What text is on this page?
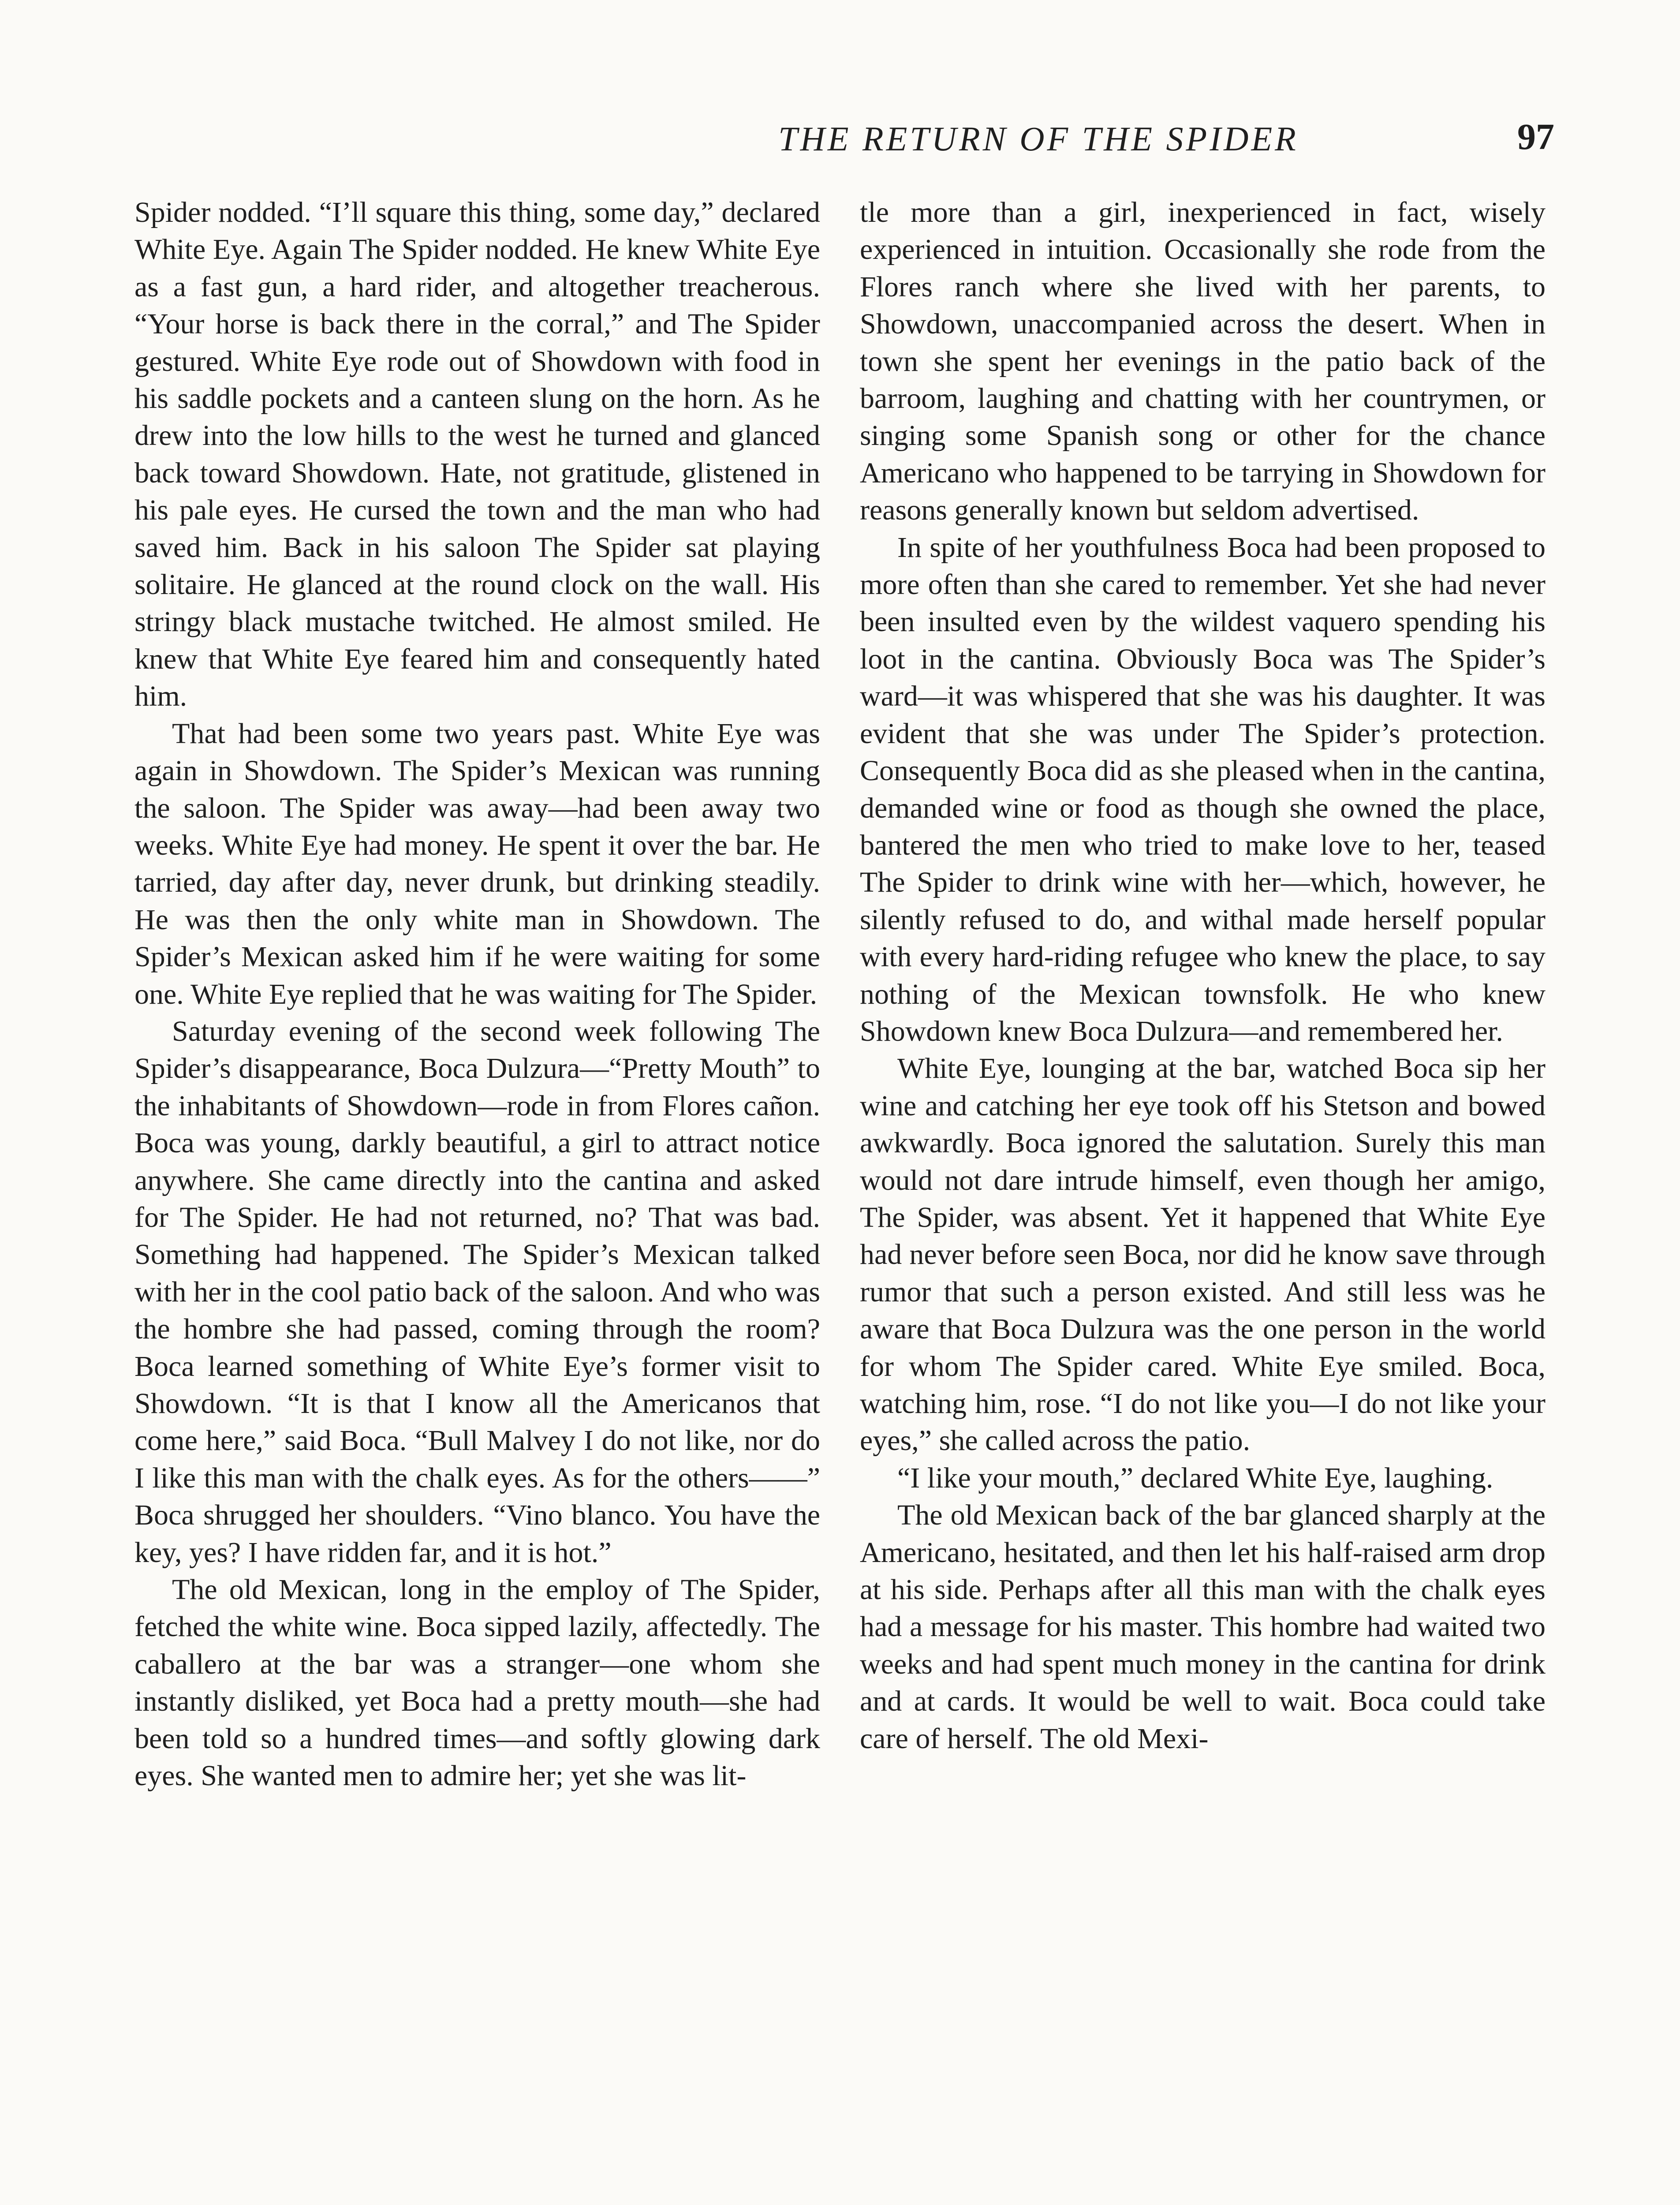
THE RETURN OF THE SPIDER	97

Spider nodded. “I’ll square this thing, some day,” declared White Eye. Again The Spider nodded. He knew White Eye as a fast gun, a hard rider, and altogether treacherous. “Your horse is back there in the corral,” and The Spider gestured. White Eye rode out of Showdown with food in his saddle pockets and a canteen slung on the horn. As he drew into the low hills to the west he turned and glanced back toward Showdown. Hate, not gratitude, glistened in his pale eyes. He cursed the town and the man who had saved him. Back in his saloon The Spider sat playing solitaire. He glanced at the round clock on the wall. His stringy black mustache twitched. He almost smiled. He knew that White Eye feared him and consequently hated him.

That had been some two years past. White Eye was again in Showdown. The Spider’s Mexican was running the saloon. The Spider was away—had been away two weeks. White Eye had money. He spent it over the bar. He tarried, day after day, never drunk, but drinking steadily. He was then the only white man in Showdown. The Spider’s Mexican asked him if he were waiting for some one. White Eye replied that he was waiting for The Spider.

Saturday evening of the second week following The Spider’s disappearance, Boca Dulzura—“Pretty Mouth” to the inhabitants of Showdown—rode in from Flores cañon. Boca was young, darkly beautiful, a girl to attract notice anywhere. She came directly into the cantina and asked for The Spider. He had not returned, no? That was bad. Something had happened. The Spider’s Mexican talked with her in the cool patio back of the saloon. And who was the hombre she had passed, coming through the room? Boca learned something of White Eye’s former visit to Showdown. “It is that I know all the Americanos that come here,” said Boca. “Bull Malvey I do not like, nor do I like this man with the chalk eyes. As for the others——” Boca shrugged her shoulders. “Vino blanco. You have the key, yes? I have ridden far, and it is hot.”

The old Mexican, long in the employ of The Spider, fetched the white wine. Boca sipped lazily, affectedly. The caballero at the bar was a stranger—one whom she instantly disliked, yet Boca had a pretty mouth—she had been told so a hundred times—and softly glowing dark eyes. She wanted men to admire her; yet she was lit-

tle more than a girl, inexperienced in fact, wisely experienced in intuition. Occasionally she rode from the Flores ranch where she lived with her parents, to Showdown, unaccompanied across the desert. When in town she spent her evenings in the patio back of the barroom, laughing and chatting with her countrymen, or singing some Spanish song or other for the chance Americano who happened to be tarrying in Showdown for reasons generally known but seldom advertised.

In spite of her youthfulness Boca had been proposed to more often than she cared to remember. Yet she had never been insulted even by the wildest vaquero spending his loot in the cantina. Obviously Boca was The Spider’s ward—it was whispered that she was his daughter. It was evident that she was under The Spider’s protection. Consequently Boca did as she pleased when in the cantina, demanded wine or food as though she owned the place, bantered the men who tried to make love to her, teased The Spider to drink wine with her—which, however, he silently refused to do, and withal made herself popular with every hard-riding refugee who knew the place, to say nothing of the Mexican townsfolk. He who knew Showdown knew Boca Dulzura—and remembered her.

White Eye, lounging at the bar, watched Boca sip her wine and catching her eye took off his Stetson and bowed awkwardly. Boca ignored the salutation. Surely this man would not dare intrude himself, even though her amigo, The Spider, was absent. Yet it happened that White Eye had never before seen Boca, nor did he know save through rumor that such a person existed. And still less was he aware that Boca Dulzura was the one person in the world for whom The Spider cared. White Eye smiled. Boca, watching him, rose. “I do not like you—I do not like your eyes,” she called across the patio.

“I like your mouth,” declared White Eye, laughing.

The old Mexican back of the bar glanced sharply at the Americano, hesitated, and then let his half-raised arm drop at his side. Perhaps after all this man with the chalk eyes had a message for his master. This hombre had waited two weeks and had spent much money in the cantina for drink and at cards. It would be well to wait. Boca could take care of herself. The old Mexi-
